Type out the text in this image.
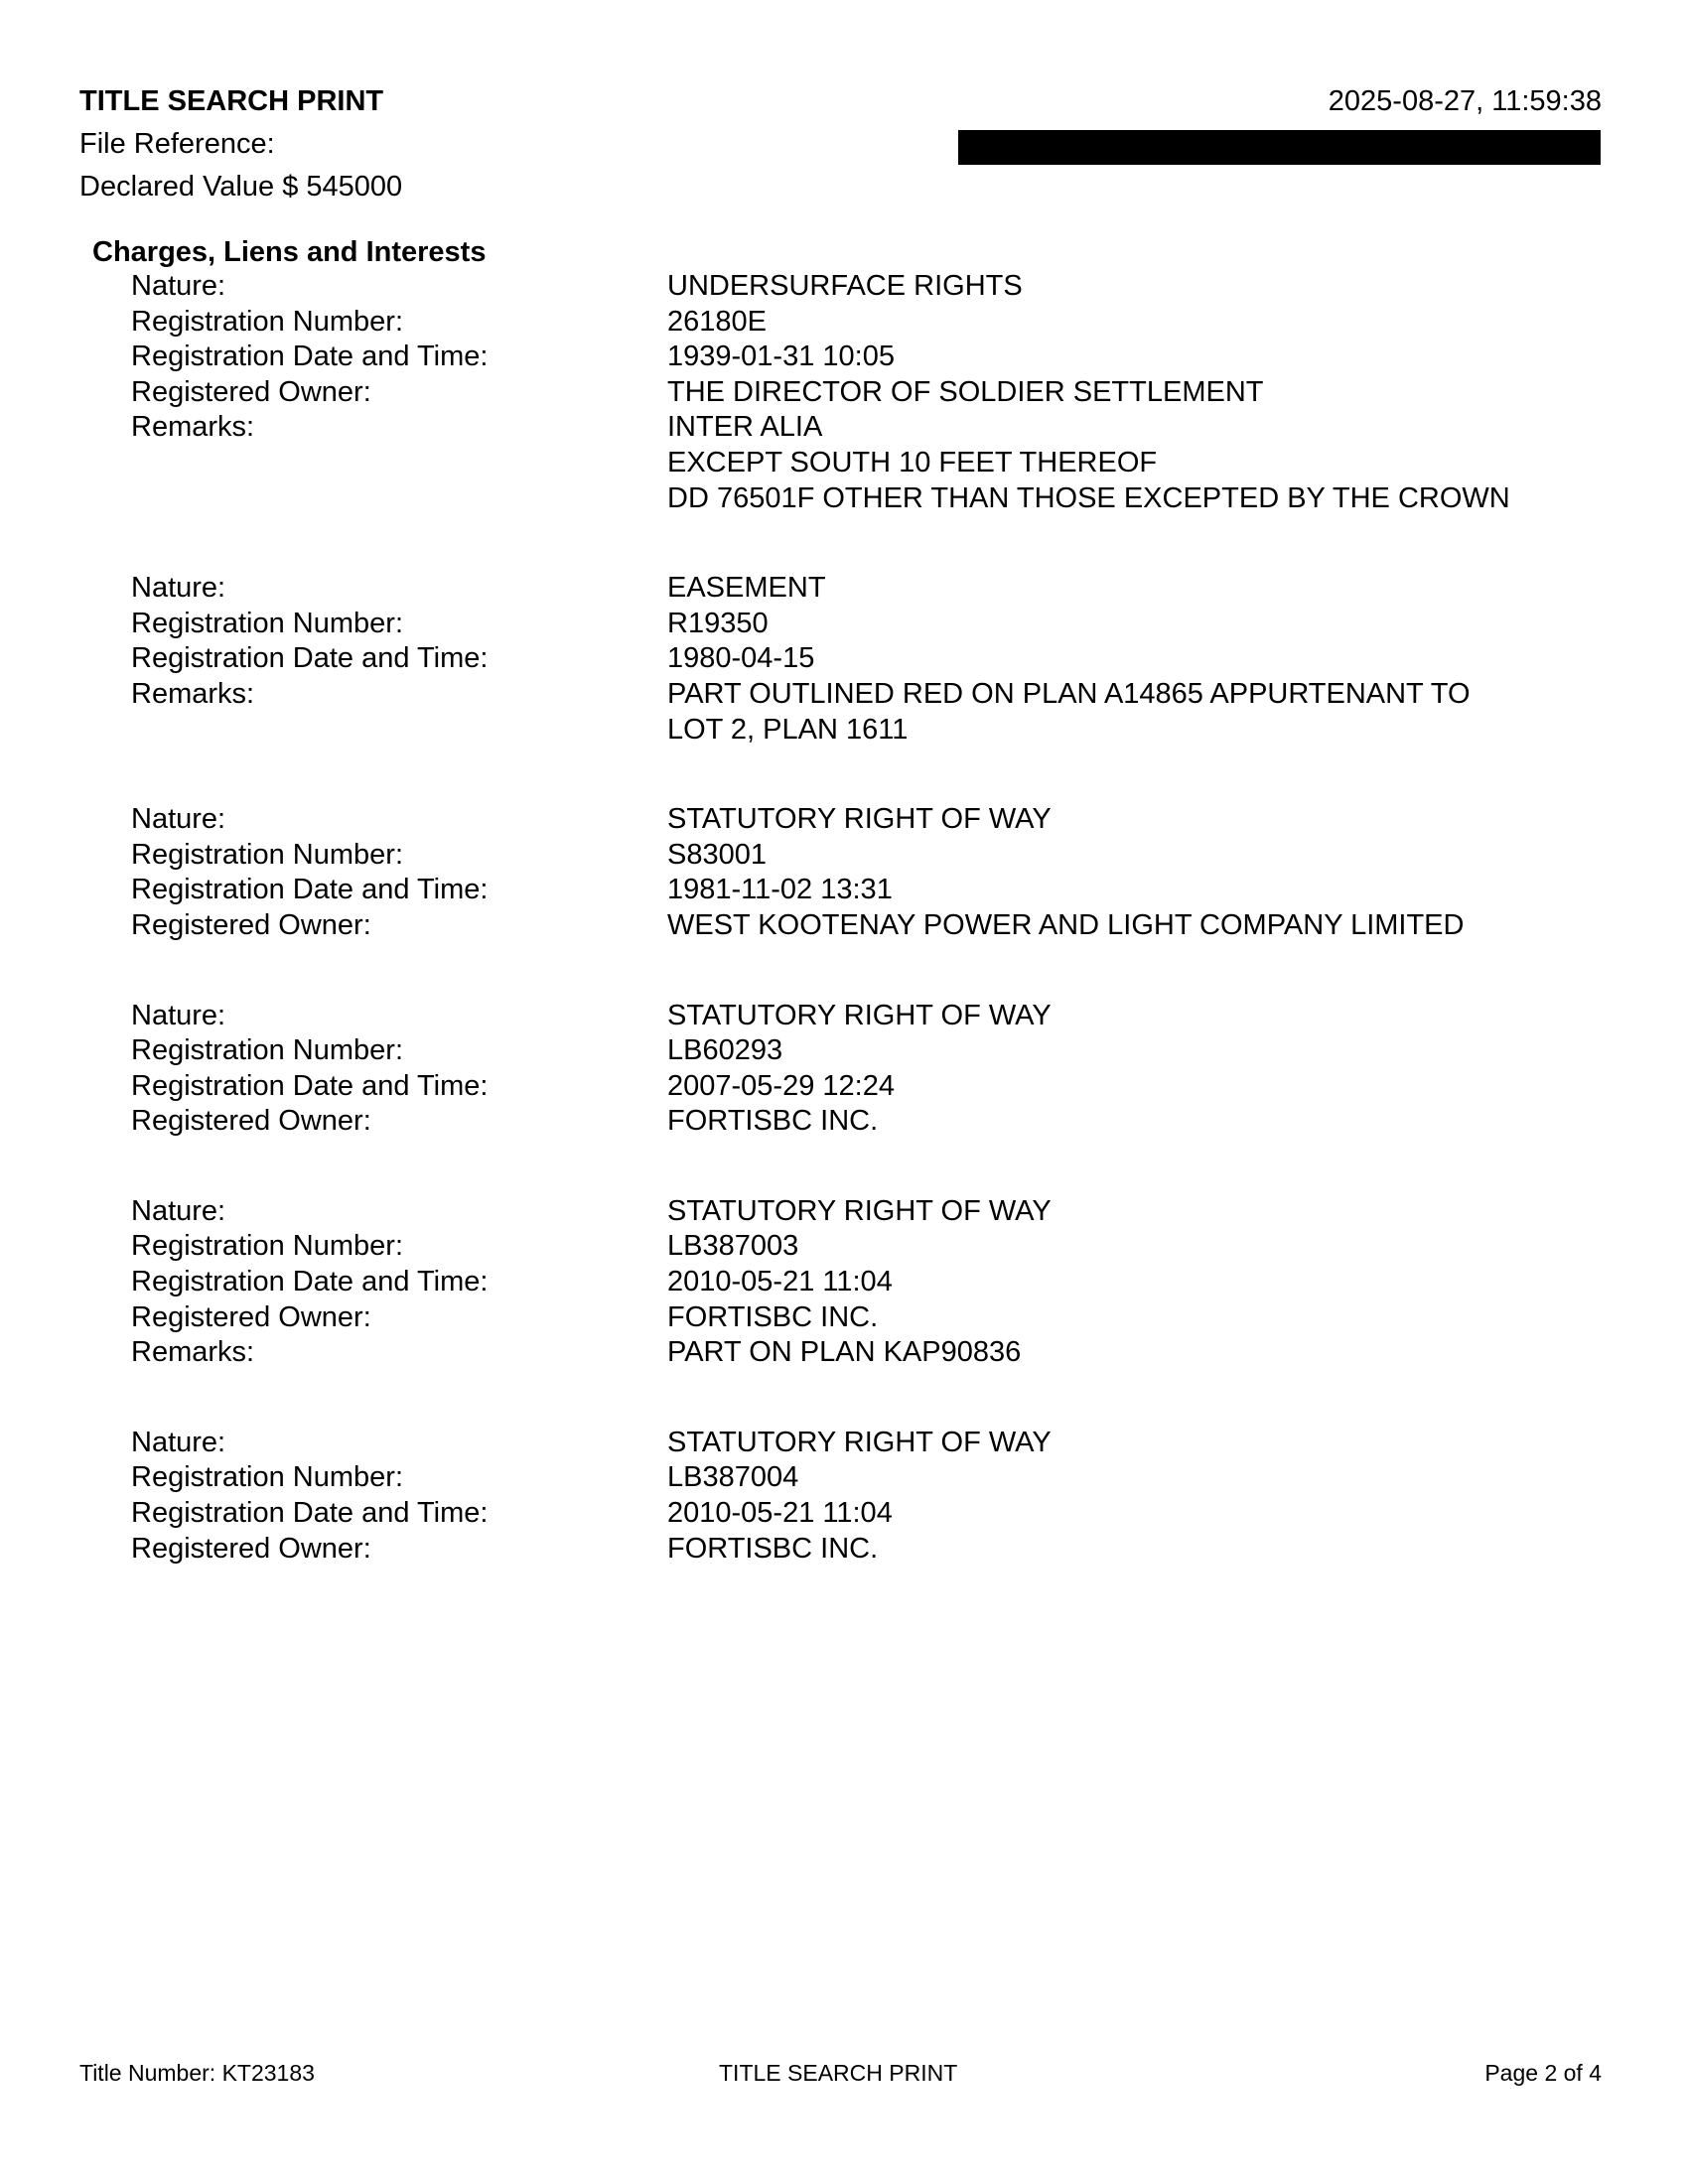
TITLE SEARCH PRINT	2025-08-27, 11:59:38
File Reference:
Declared Value $ 545000
Charges, Liens and Interests
Nature:	UNDERSURFACE RIGHTS
Registration Number:	26180E
Registration Date and Time:	1939-01-31 10:05
Registered Owner:	THE DIRECTOR OF SOLDIER SETTLEMENT
Remarks:	INTER ALIA
EXCEPT SOUTH 10 FEET THEREOF
DD 76501F OTHER THAN THOSE EXCEPTED BY THE CROWN
Nature:	EASEMENT
Registration Number:	R19350
Registration Date and Time:	1980-04-15
Remarks:	PART OUTLINED RED ON PLAN A14865 APPURTENANT TO
LOT 2, PLAN 1611
Nature:	STATUTORY RIGHT OF WAY
Registration Number:	S83001
Registration Date and Time:	1981-11-02 13:31
Registered Owner:	WEST KOOTENAY POWER AND LIGHT COMPANY LIMITED
Nature:	STATUTORY RIGHT OF WAY
Registration Number:	LB60293
Registration Date and Time:	2007-05-29 12:24
Registered Owner:	FORTISBC INC.
Nature:	STATUTORY RIGHT OF WAY
Registration Number:	LB387003
Registration Date and Time:	2010-05-21 11:04
Registered Owner:	FORTISBC INC.
Remarks:	PART ON PLAN KAP90836
Nature:	STATUTORY RIGHT OF WAY
Registration Number:	LB387004
Registration Date and Time:	2010-05-21 11:04
Registered Owner:	FORTISBC INC.
Title Number: KT23183	TITLE SEARCH PRINT	Page 2 of 4
